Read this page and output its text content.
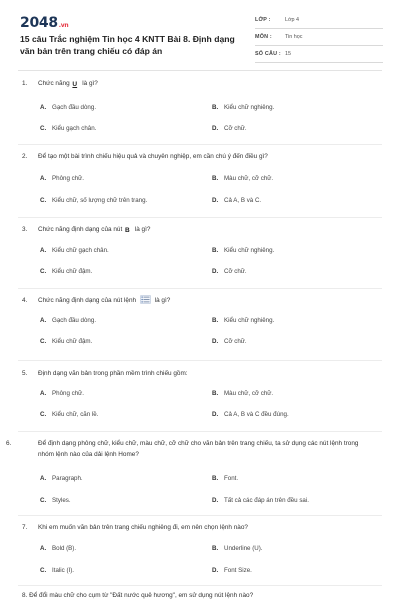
2048.vn
15 câu Trắc nghiệm Tin học 4 KNTT Bài 8. Định dạng văn bản trên trang chiếu có đáp án
LỚP :	Lớp 4
MÔN : Tin học
SỐ CÂU : 15
1. Chức năng U là gì?
A. Gạch đầu dòng.	B. Kiểu chữ nghiêng.
C. Kiểu gạch chân.	D. Cỡ chữ.
2. Để tạo một bài trình chiếu hiệu quả và chuyên nghiệp, em cần chú ý đến điều gì?
A. Phông chữ.	B. Màu chữ, cỡ chữ.
C. Kiểu chữ, số lượng chữ trên trang.	D. Cả A, B và C.
3. Chức năng định dạng của nút B là gì?
A. Kiểu chữ gạch chân.	B. Kiểu chữ nghiêng.
C. Kiểu chữ đậm.	D. Cỡ chữ.
4. Chức năng định dạng của nút lệnh	là gì?
A. Gạch đầu dòng.	B. Kiểu chữ nghiêng.
C. Kiểu chữ đậm.	D. Cỡ chữ.
5. Định dạng văn bản trong phần mềm trình chiếu gồm:
A. Phông chữ.	B. Màu chữ, cỡ chữ.
C. Kiểu chữ, căn lề.	D. Cả A, B và C đều đúng.
6.	Để định dạng phông chữ, kiểu chữ, màu chữ, cỡ chữ cho văn bản trên trang chiếu, ta sử dụng các nút lệnh trong nhóm lệnh nào của dải lệnh Home?
A. Paragraph.	B. Font.
C. Styles.	D. Tất cả các đáp án trên đều sai.
7. Khi em muốn văn bản trên trang chiếu nghiêng đi, em nên chọn lệnh nào?
A. Bold (B).	B. Underline (U).
C. Italic (I).	D. Font Size.
8. Để đổi màu chữ cho cụm từ "Đất nước quê hương", em sử dụng nút lệnh nào?
